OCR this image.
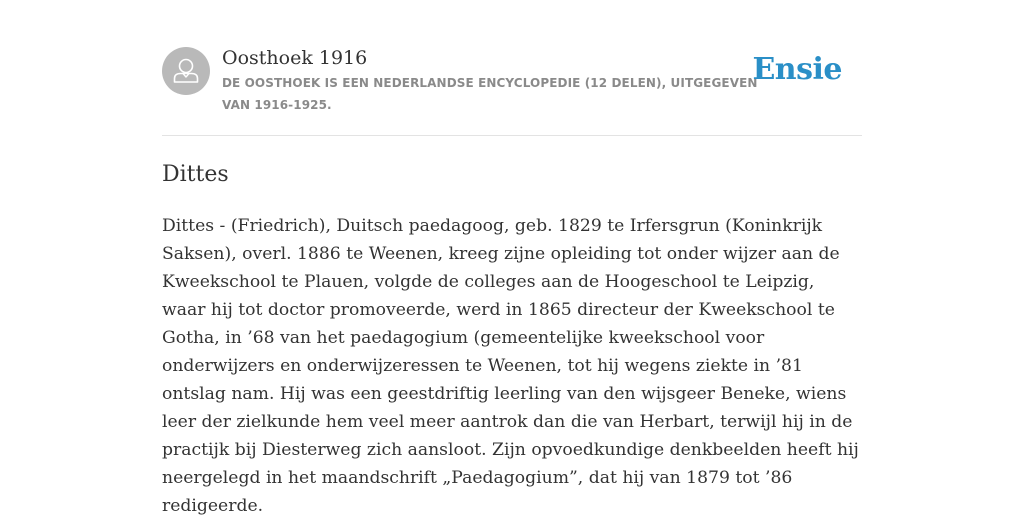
Oosthoek 1916
DE OOSTHOEK IS EEN NEDERLANDSE ENCYCLOPEDIE (12 DELEN), UITGEGEVEN VAN 1916-1925.
Ensie
Dittes

Dittes - (Friedrich), Duitsch paedagoog, geb. 1829 te Irfersgrun (Koninkrijk Saksen), overl. 1886 te Weenen, kreeg zijne opleiding tot onder wijzer aan de Kweekschool te Plauen, volgde de colleges aan de Hoogeschool te Leipzig, waar hij tot doctor promoveerde, werd in 1865 directeur der Kweekschool te Gotha, in ’68 van het paedagogium (gemeentelijke kweekschool voor onderwijzers en onderwijzeressen te Weenen, tot hij wegens ziekte in ’81 ontslag nam. Hij was een geestdriftig leerling van den wijsgeer Beneke, wiens leer der zielkunde hem veel meer aantrok dan die van Herbart, terwijl hij in de practijk bij Diesterweg zich aansloot. Zijn opvoedkundige denkbeelden heeft hij neergelegd in het maandschrift „Paedagogium”, dat hij van 1879 tot ’86 redigeerde.
